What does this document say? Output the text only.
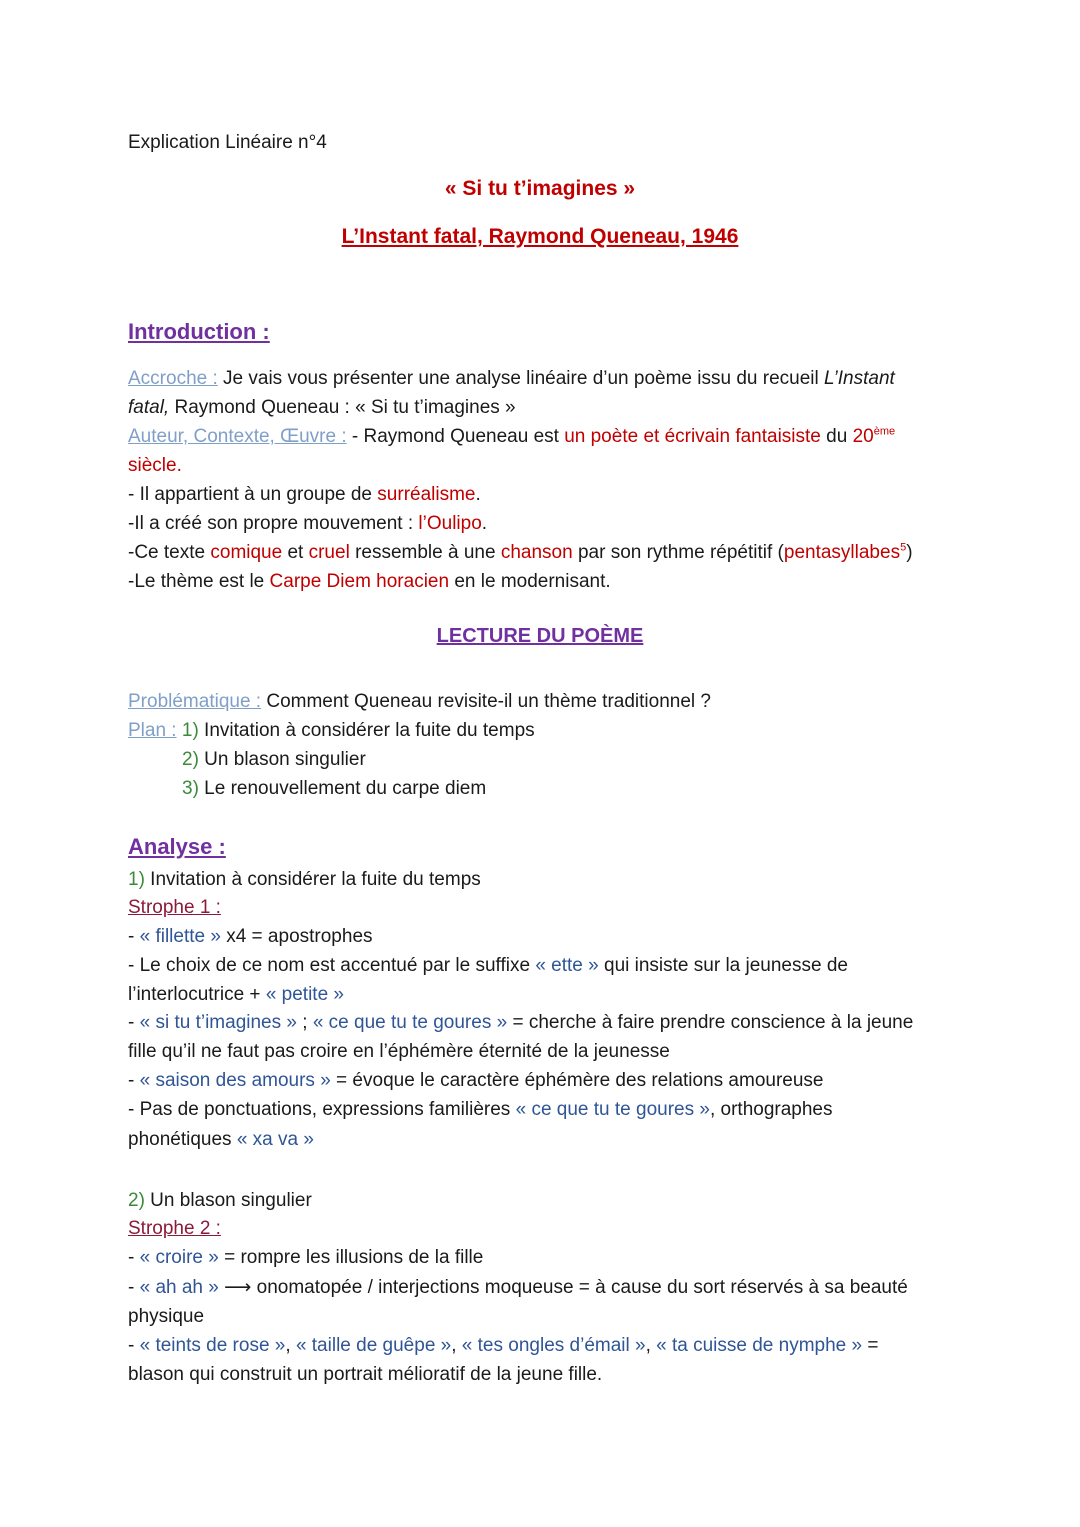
Explication Linéaire n°4
« Si tu t’imagines »
L’Instant fatal, Raymond Queneau, 1946
Introduction :
Accroche : Je vais vous présenter une analyse linéaire d’un poème issu du recueil L’Instant
fatal, Raymond Queneau : « Si tu t’imagines »
Auteur, Contexte, Œuvre : - Raymond Queneau est un poète et écrivain fantaisiste du 20ème
siècle.
- Il appartient à un groupe de surréalisme.
-Il a créé son propre mouvement : l’Oulipo.
-Ce texte comique et cruel ressemble à une chanson par son rythme répétitif (pentasyllabes$^5$)
-Le thème est le Carpe Diem horacien en le modernisant.
LECTURE DU POÈME
Problématique : Comment Queneau revisite-il un thème traditionnel ?
Plan : 1) Invitation à considérer la fuite du temps
2) Un blason singulier
3) Le renouvellement du carpe diem
Analyse :
1) Invitation à considérer la fuite du temps
Strophe 1 :
- « fillette » x4 = apostrophes
- Le choix de ce nom est accentué par le suffixe « ette » qui insiste sur la jeunesse de
l’interlocutrice + « petite »
- « si tu t’imagines » ; « ce que tu te goures » = cherche à faire prendre conscience à la jeune
fille qu’il ne faut pas croire en l’éphémère éternité de la jeunesse
- « saison des amours » = évoque le caractère éphémère des relations amoureuse
- Pas de ponctuations, expressions familières « ce que tu te goures », orthographes
phonétiques « xa va »
2) Un blason singulier
Strophe 2 :
- « croire » = rompre les illusions de la fille
- « ah ah » ⟶ onomatopée / interjections moqueuse = à cause du sort réservés à sa beauté
physique
- « teints de rose », « taille de guêpe », « tes ongles d’émail », « ta cuisse de nymphe » =
blason qui construit un portrait mélioratif de la jeune fille.
